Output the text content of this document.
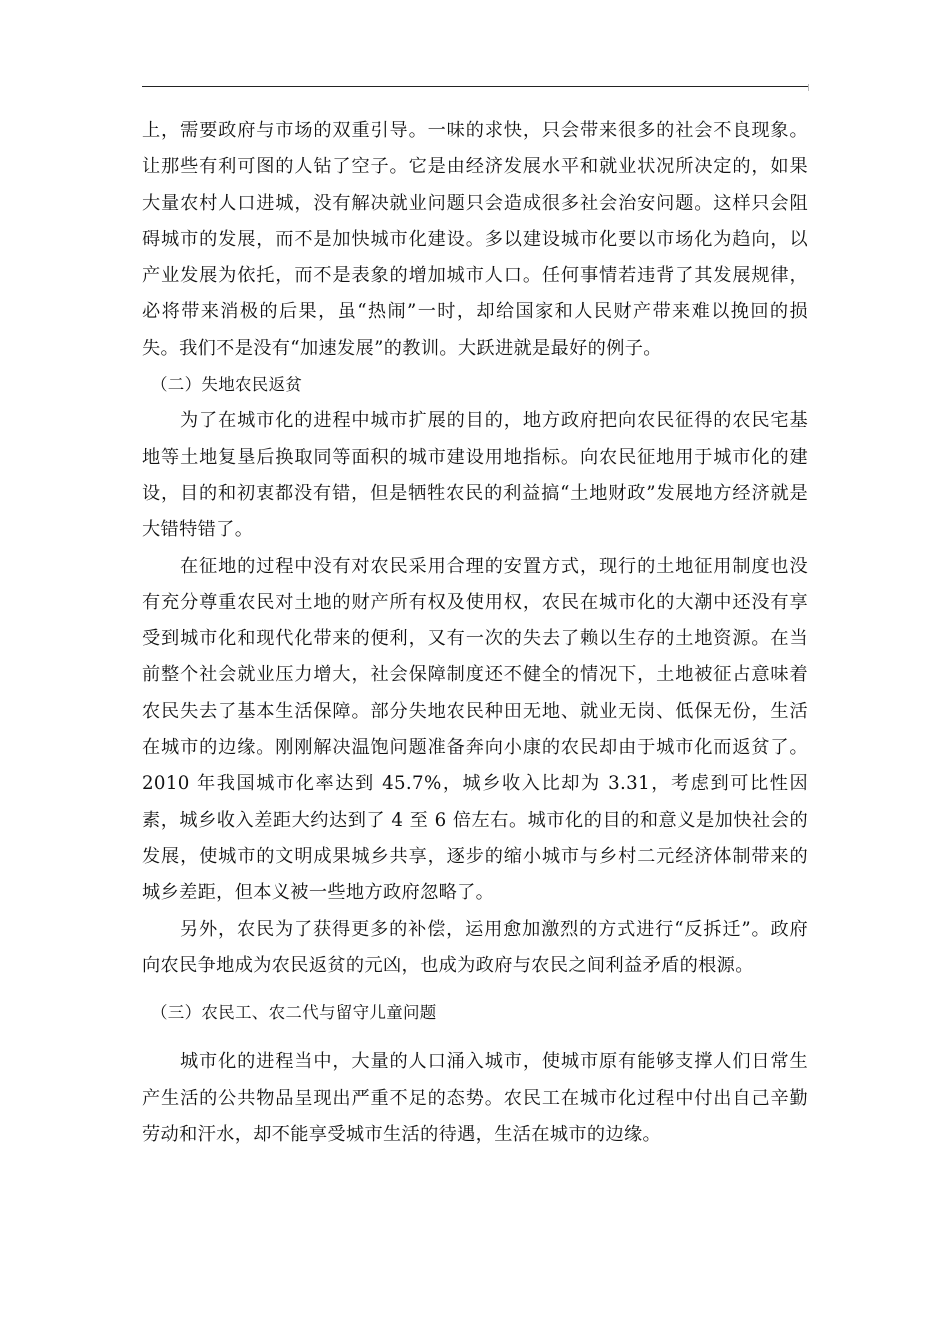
上，需要政府与市场的双重引导。一味的求快，只会带来很多的社会不良现象。让那些有利可图的人钻了空子。它是由经济发展水平和就业状况所决定的，如果大量农村人口进城，没有解决就业问题只会造成很多社会治安问题。这样只会阻碍城市的发展，而不是加快城市化建设。多以建设城市化要以市场化为趋向，以产业发展为依托，而不是表象的增加城市人口。任何事情若违背了其发展规律，必将带来消极的后果，虽“热闹”一时，却给国家和人民财产带来难以挽回的损失。我们不是没有“加速发展”的教训。大跃进就是最好的例子。

（二）失地农民返贫

为了在城市化的进程中城市扩展的目的，地方政府把向农民征得的农民宅基地等土地复垦后换取同等面积的城市建设用地指标。向农民征地用于城市化的建设，目的和初衷都没有错，但是牺牲农民的利益搞“土地财政”发展地方经济就是大错特错了。

在征地的过程中没有对农民采用合理的安置方式，现行的土地征用制度也没有充分尊重农民对土地的财产所有权及使用权，农民在城市化的大潮中还没有享受到城市化和现代化带来的便利，又有一次的失去了赖以生存的土地资源。在当前整个社会就业压力增大，社会保障制度还不健全的情况下，土地被征占意味着农民失去了基本生活保障。部分失地农民种田无地、就业无岗、低保无份，生活在城市的边缘。刚刚解决温饱问题准备奔向小康的农民却由于城市化而返贫了。2010 年我国城市化率达到 45.7%，城乡收入比却为 3.31，考虑到可比性因素，城乡收入差距大约达到了 4 至 6 倍左右。城市化的目的和意义是加快社会的发展，使城市的文明成果城乡共享，逐步的缩小城市与乡村二元经济体制带来的城乡差距，但本义被一些地方政府忽略了。

另外，农民为了获得更多的补偿，运用愈加激烈的方式进行“反拆迁”。政府向农民争地成为农民返贫的元凶，也成为政府与农民之间利益矛盾的根源。

（三）农民工、农二代与留守儿童问题

城市化的进程当中，大量的人口涌入城市，使城市原有能够支撑人们日常生产生活的公共物品呈现出严重不足的态势。农民工在城市化过程中付出自己辛勤劳动和汗水，却不能享受城市生活的待遇，生活在城市的边缘。
